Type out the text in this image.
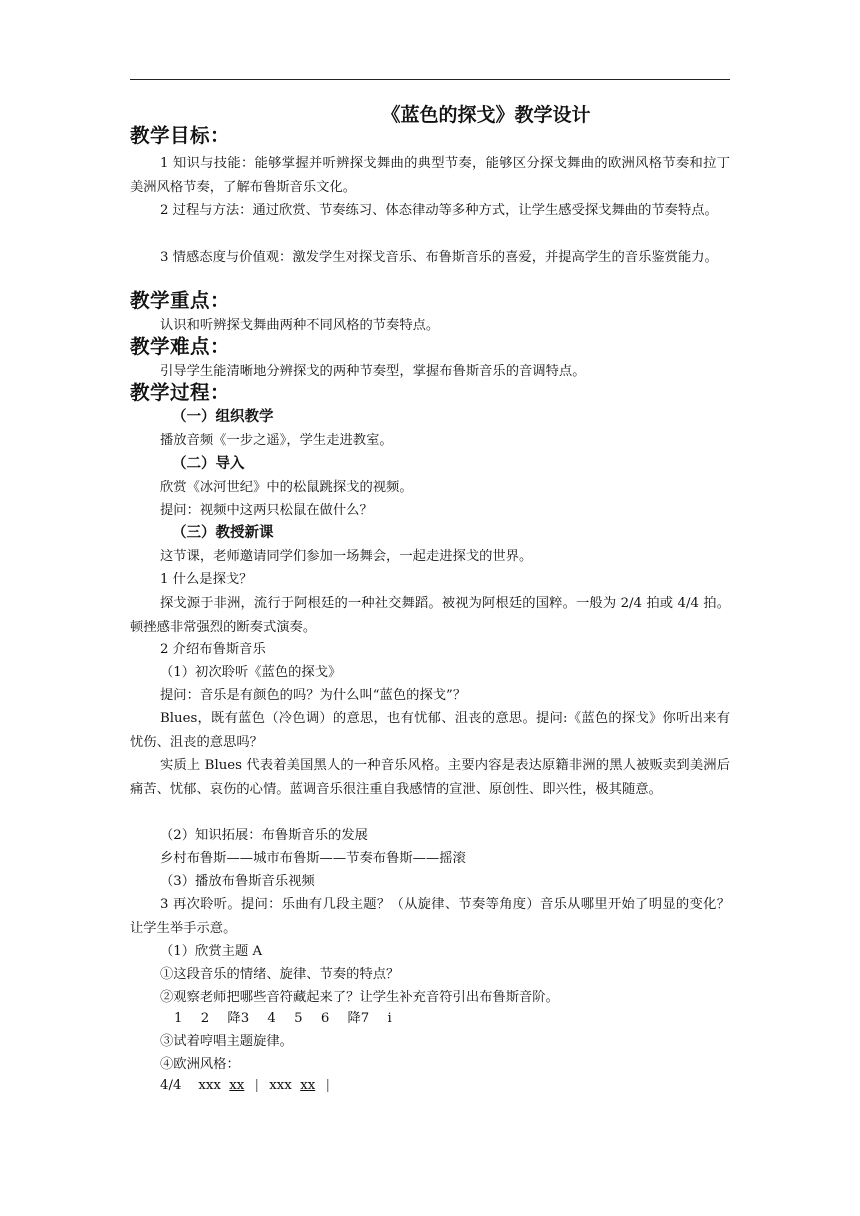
《蓝色的探戈》教学设计
教学目标：
1 知识与技能：能够掌握并听辨探戈舞曲的典型节奏，能够区分探戈舞曲的欧洲风格节奏和拉丁美洲风格节奏，了解布鲁斯音乐文化。
2 过程与方法：通过欣赏、节奏练习、体态律动等多种方式，让学生感受探戈舞曲的节奏特点。
3 情感态度与价值观：激发学生对探戈音乐、布鲁斯音乐的喜爱，并提高学生的音乐鉴赏能力。
教学重点：
认识和听辨探戈舞曲两种不同风格的节奏特点。
教学难点：
引导学生能清晰地分辨探戈的两种节奏型，掌握布鲁斯音乐的音调特点。
教学过程：
（一）组织教学
播放音频《一步之遥》，学生走进教室。
（二）导入
欣赏《冰河世纪》中的松鼠跳探戈的视频。
提问：视频中这两只松鼠在做什么？
（三）教授新课
这节课，老师邀请同学们参加一场舞会，一起走进探戈的世界。
1 什么是探戈？
探戈源于非洲，流行于阿根廷的一种社交舞蹈。被视为阿根廷的国粹。一般为 2/4 拍或 4/4 拍。顿挫感非常强烈的断奏式演奏。
2 介绍布鲁斯音乐
（1）初次聆听《蓝色的探戈》
提问：音乐是有颜色的吗？为什么叫“蓝色的探戈”？
Blues，既有蓝色（冷色调）的意思，也有忧郁、沮丧的意思。提问:《蓝色的探戈》你听出来有忧伤、沮丧的意思吗？
实质上 Blues 代表着美国黑人的一种音乐风格。主要内容是表达原籍非洲的黑人被贩卖到美洲后痛苦、忧郁、哀伤的心情。蓝调音乐很注重自我感情的宣泄、原创性、即兴性，极其随意。
（2）知识拓展：布鲁斯音乐的发展
乡村布鲁斯——城市布鲁斯——节奏布鲁斯——摇滚
（3）播放布鲁斯音乐视频
3 再次聆听。提问：乐曲有几段主题？（从旋律、节奏等角度）音乐从哪里开始了明显的变化？让学生举手示意。
（1）欣赏主题 A
①这段音乐的情绪、旋律、节奏的特点？
②观察老师把哪些音符藏起来了？让学生补充音符引出布鲁斯音阶。
1 2 降3 4 5 6 降7 i
③试着哼唱主题旋律。
④欧洲风格：
4/4 xxx xx | xxx xx |
